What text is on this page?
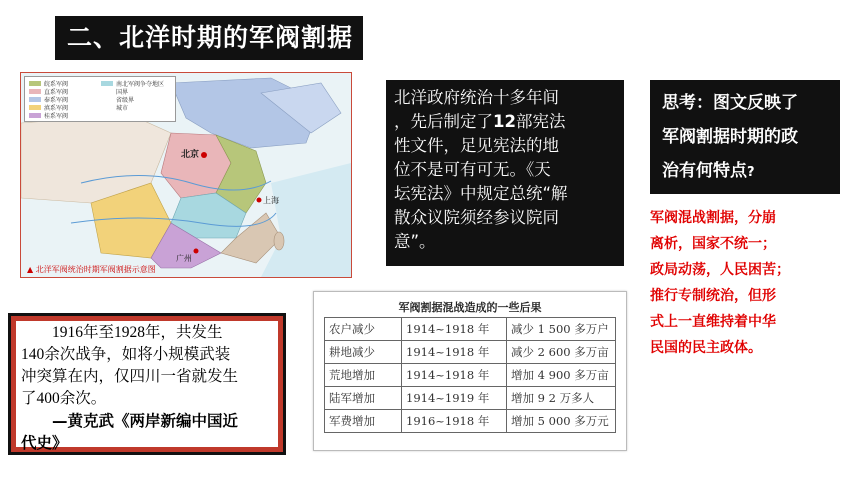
二、北洋时期的军阀割据
皖系军阀
直系军阀
奉系军阀
滇系军阀
桂系军阀
南北军阀争夺地区
国界
省级界
城市
北京
上海
广州
▲ 北洋军阀统治时期军阀割据示意图
北洋政府统治十多年间
，先后制定了12部宪法
性文件，足见宪法的地
位不是可有可无。《天
坛宪法》中规定总统“解
散众议院须经参议院同
意”。
思考：图文反映了
军阀割据时期的政
治有何特点?
军阀混战割据，分崩
离析，国家不统一；
政局动荡，人民困苦；
推行专制统治，但形
式上一直维持着中华
民国的民主政体。
1916年至1928年，共发生
140余次战争，如将小规模武装
冲突算在内，仅四川一省就发生
了400余次。
—黄克武《两岸新编中国近
代史》
军阀割据混战造成的一些后果
农户减少	1914~1918 年	减少 1 500 多万户
耕地减少	1914~1918 年	减少 2 600 多万亩
荒地增加	1914~1918 年	增加 4 900 多万亩
陆军增加	1914~1919 年	增加 9 2 万多人
军费增加	1916~1918 年	增加 5 000 多万元
